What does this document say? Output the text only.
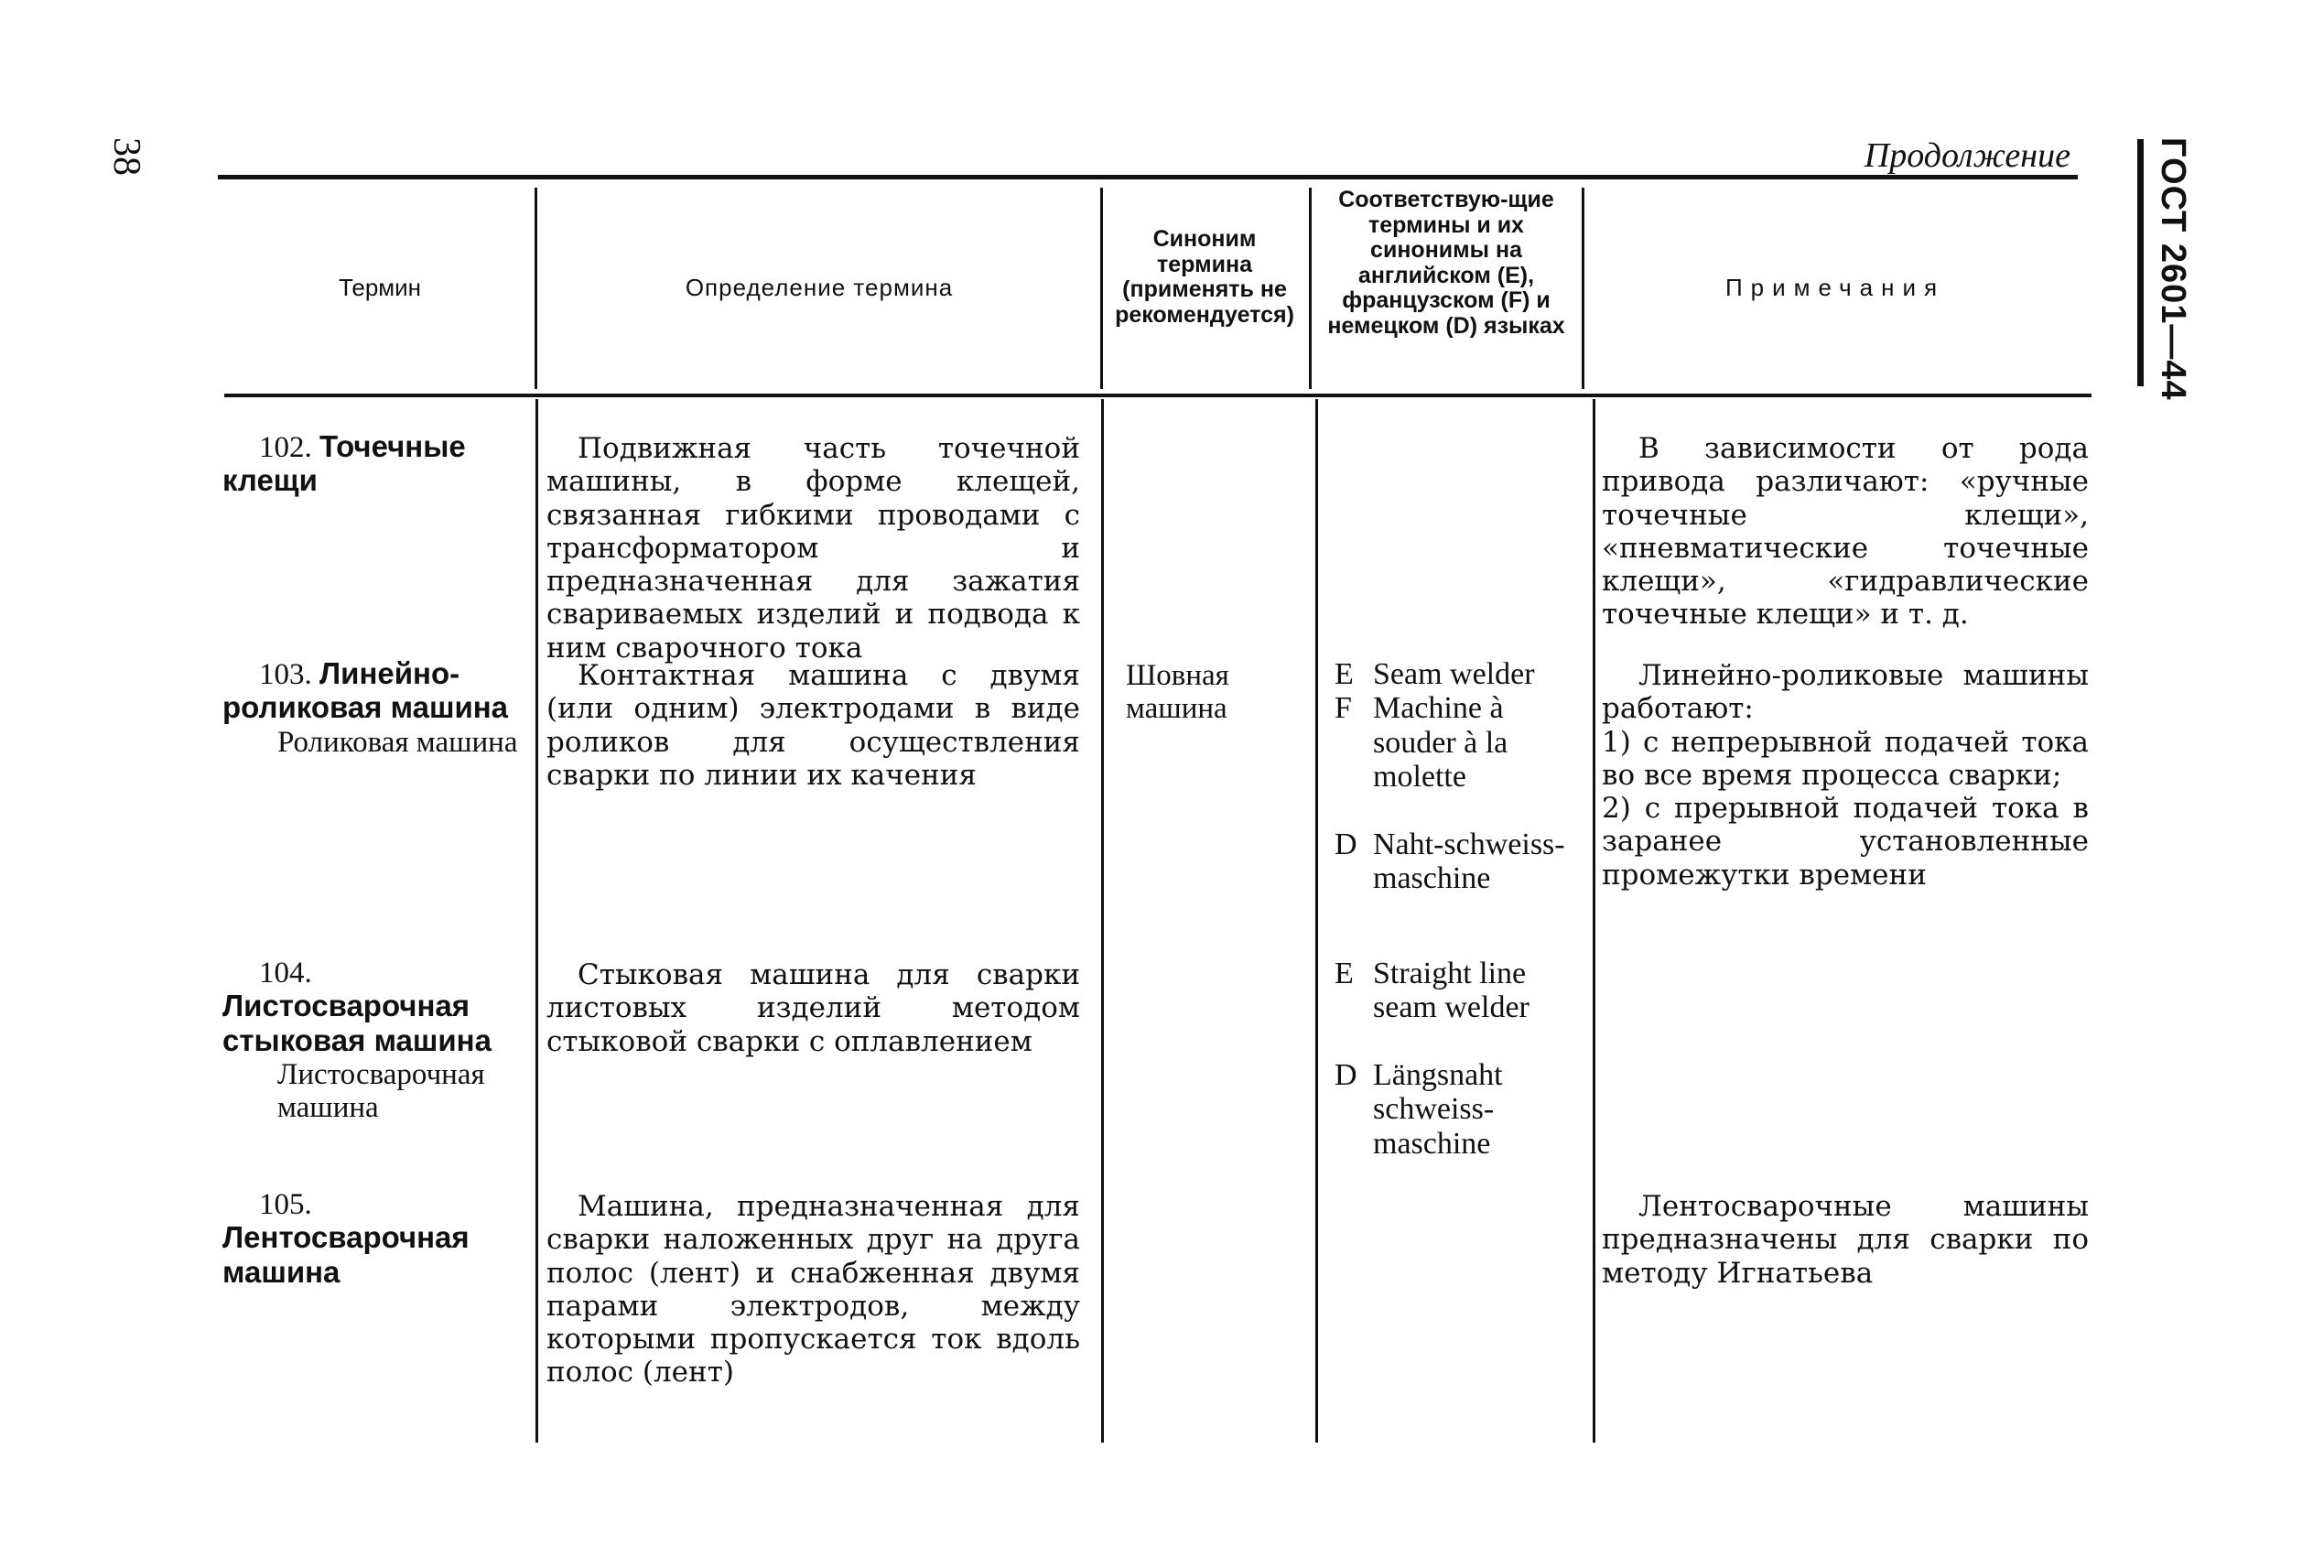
38	ГОСТ 2601—44
Продолжение
Термин	Определение термина
Синоним термина (применять не рекомендуется)
Соответствую-щие термины и их синонимы на английском (E), французском (F) и немецком (D) языках
Примечания
102. Точечные клещи
Подвижная часть точечной машины, в форме клещей, связанная гибкими проводами с трансформатором и предназначенная для зажатия свариваемых изделий и подвода к ним сварочного тока
В зависимости от рода привода различают: «ручные точечные клещи», «пневматические точечные клещи», «гидравлические точечные клещи» и т. д.
103. Линейно-роликовая машина
Роликовая машина
Контактная машина с двумя (или одним) электродами в виде роликов для осуществления сварки по линии их качения
Шовная машина
E Seam welder
F Machine à souder à la molette
D Naht-schweiss-maschine
Линейно-роликовые машины работают:
1) с непрерывной подачей тока во все время процесса сварки;
2) с прерывной подачей тока в заранее установленные промежутки времени
104. Листосварочная стыковая машина
Листосварочная машина
Стыковая машина для сварки листовых изделий методом стыковой сварки с оплавлением
E Straight line seam welder
D Längsnaht schweiss-maschine
105. Лентосварочная машина
Машина, предназначенная для сварки наложенных друг на друга полос (лент) и снабженная двумя парами электродов, между которыми пропускается ток вдоль полос (лент)
Лентосварочные машины предназначены для сварки по методу Игнатьева
